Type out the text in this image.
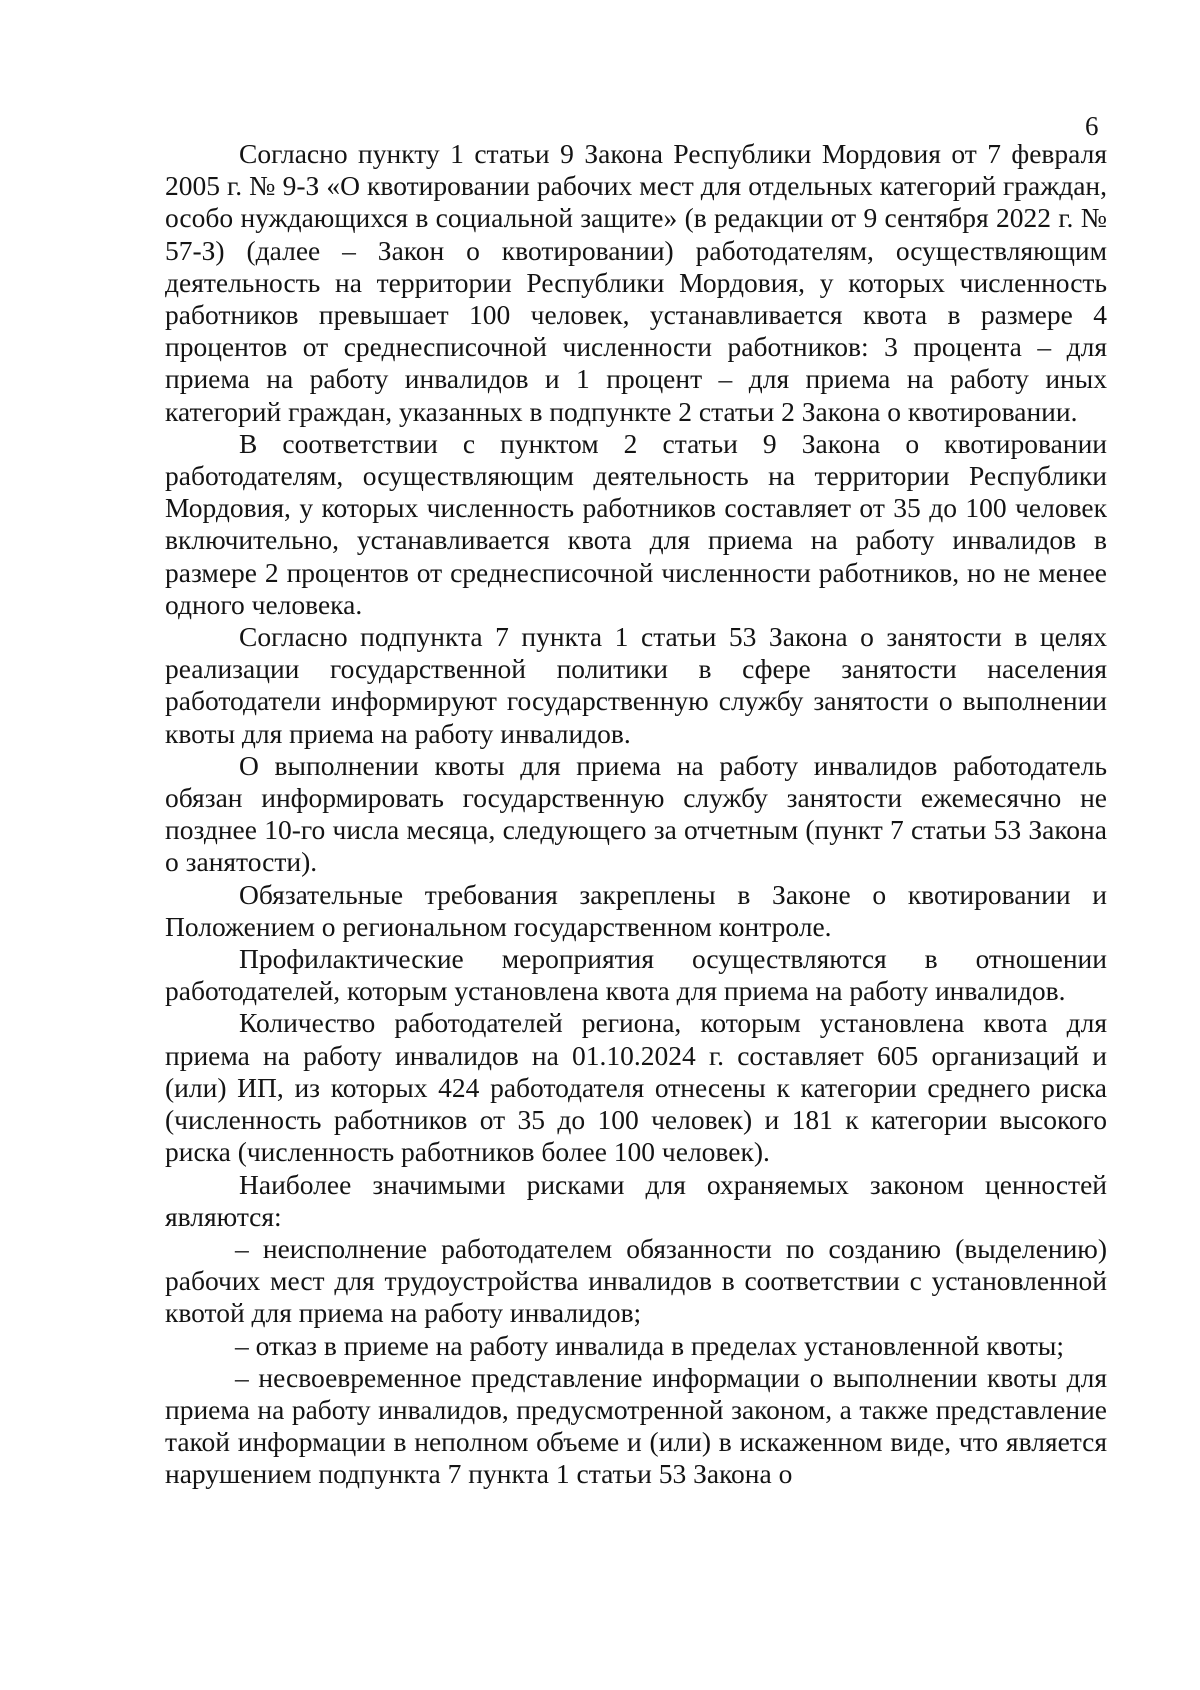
6

Согласно пункту 1 статьи 9 Закона Республики Мордовия от 7 февраля 2005 г. № 9-З «О квотировании рабочих мест для отдельных категорий граждан, особо нуждающихся в социальной защите» (в редакции от 9 сентября 2022 г. № 57-З) (далее – Закон о квотировании) работодателям, осуществляющим деятельность на территории Республики Мордовия, у которых численность работников превышает 100 человек, устанавливается квота в размере 4 процентов от среднесписочной численности работников: 3 процента – для приема на работу инвалидов и 1 процент – для приема на работу иных категорий граждан, указанных в подпункте 2 статьи 2 Закона о квотировании.

В соответствии с пунктом 2 статьи 9 Закона о квотировании работодателям, осуществляющим деятельность на территории Республики Мордовия, у которых численность работников составляет от 35 до 100 человек включительно, устанавливается квота для приема на работу инвалидов в размере 2 процентов от среднесписочной численности работников, но не менее одного человека.

Согласно подпункта 7 пункта 1 статьи 53 Закона о занятости в целях реализации государственной политики в сфере занятости населения работодатели информируют государственную службу занятости о выполнении квоты для приема на работу инвалидов.

О выполнении квоты для приема на работу инвалидов работодатель обязан информировать государственную службу занятости ежемесячно не позднее 10-го числа месяца, следующего за отчетным (пункт 7 статьи 53 Закона о занятости).

Обязательные требования закреплены в Законе о квотировании и Положением о региональном государственном контроле.

Профилактические мероприятия осуществляются в отношении работодателей, которым установлена квота для приема на работу инвалидов.

Количество работодателей региона, которым установлена квота для приема на работу инвалидов на 01.10.2024 г. составляет 605 организаций и (или) ИП, из которых 424 работодателя отнесены к категории среднего риска (численность работников от 35 до 100 человек) и 181 к категории высокого риска (численность работников более 100 человек).

Наиболее значимыми рисками для охраняемых законом ценностей являются:

– неисполнение работодателем обязанности по созданию (выделению) рабочих мест для трудоустройства инвалидов в соответствии с установленной квотой для приема на работу инвалидов;

– отказ в приеме на работу инвалида в пределах установленной квоты;

– несвоевременное представление информации о выполнении квоты для приема на работу инвалидов, предусмотренной законом, а также представление такой информации в неполном объеме и (или) в искаженном виде, что является нарушением подпункта 7 пункта 1 статьи 53 Закона о
